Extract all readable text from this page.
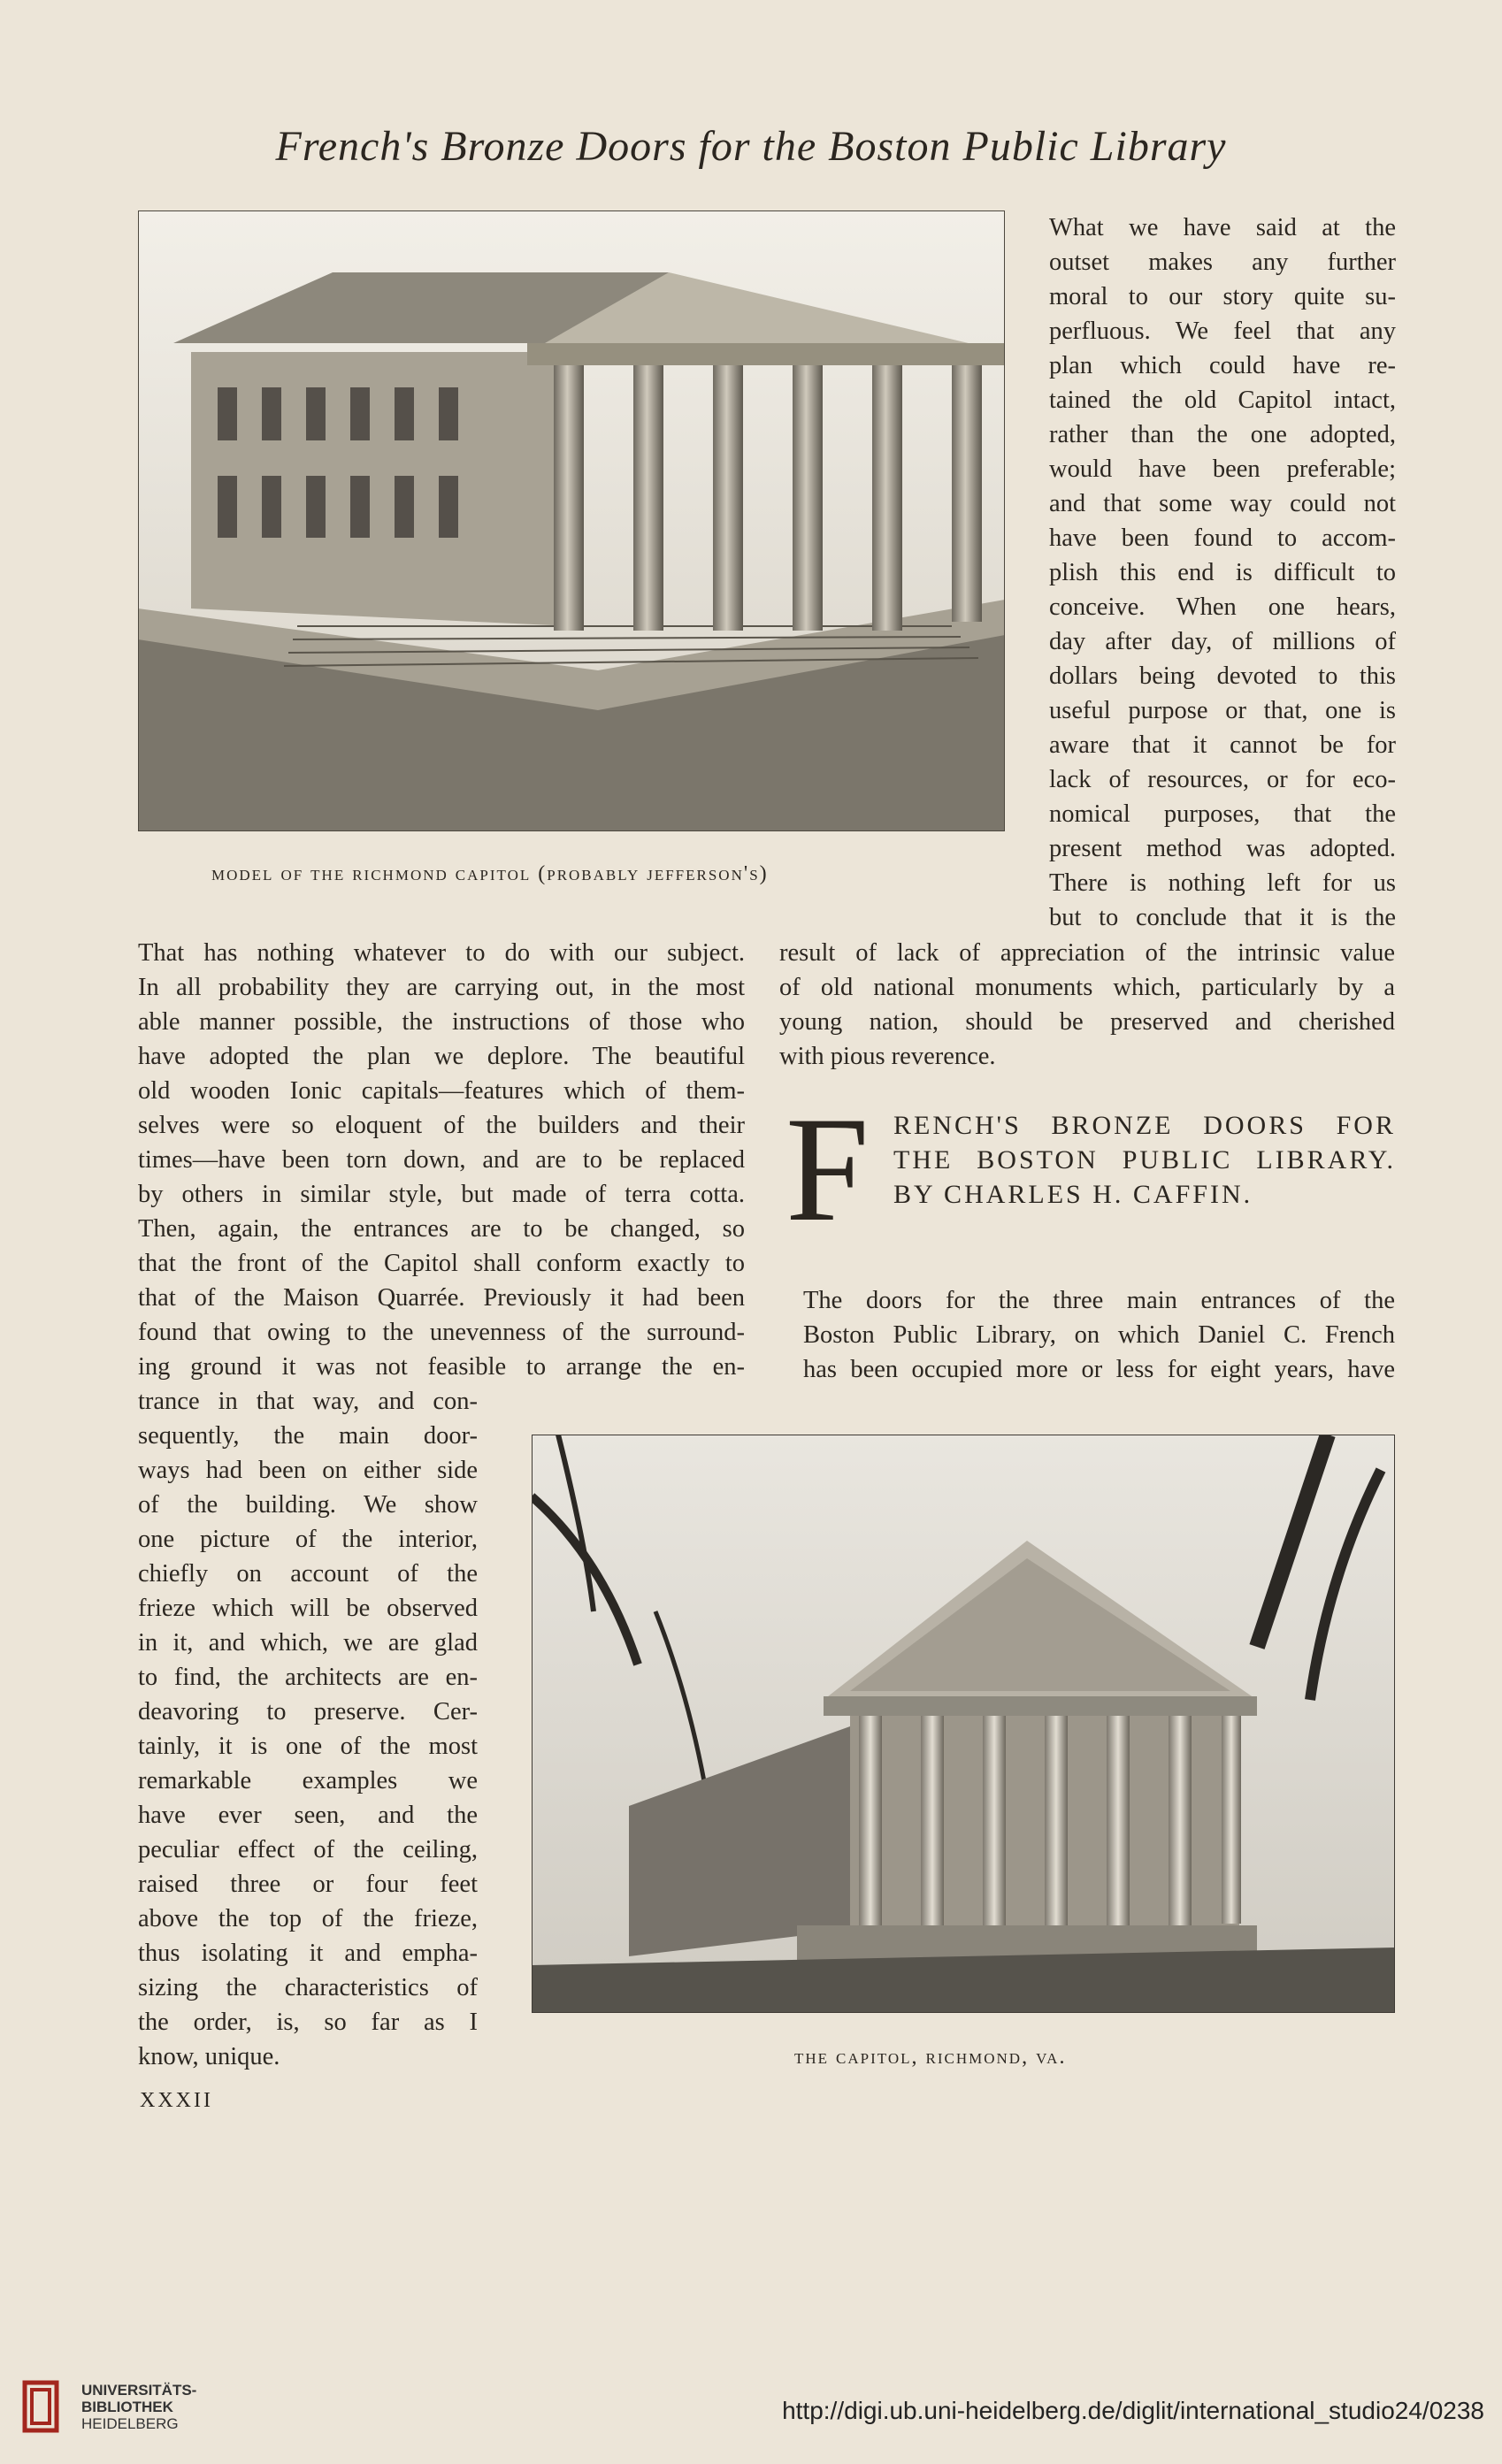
French's Bronze Doors for the Boston Public Library
model of the richmond capitol (probably jefferson's)
What we have said at the
outset makes any further
moral to our story quite su-
perfluous. We feel that any
plan which could have re-
tained the old Capitol intact,
rather than the one adopted,
would have been preferable;
and that some way could not
have been found to accom-
plish this end is difficult to
conceive. When one hears,
day after day, of millions of
dollars being devoted to this
useful purpose or that, one is
aware that it cannot be for
lack of resources, or for eco-
nomical purposes, that the
present method was adopted.
There is nothing left for us
but to conclude that it is the
That has nothing whatever to do with our subject.
In all probability they are carrying out, in the most
able manner possible, the instructions of those who
have adopted the plan we deplore. The beautiful
old wooden Ionic capitals—features which of them-
selves were so eloquent of the builders and their
times—have been torn down, and are to be replaced
by others in similar style, but made of terra cotta.
Then, again, the entrances are to be changed, so
that the front of the Capitol shall conform exactly to
that of the Maison Quarrée. Previously it had been
found that owing to the unevenness of the surround-
ing ground it was not feasible to arrange the en-
trance in that way, and con-
sequently, the main door-
ways had been on either side
of the building. We show
one picture of the interior,
chiefly on account of the
frieze which will be observed
in it, and which, we are glad
to find, the architects are en-
deavoring to preserve. Cer-
tainly, it is one of the most
remarkable examples we
have ever seen, and the
peculiar effect of the ceiling,
raised three or four feet
above the top of the frieze,
thus isolating it and empha-
sizing the characteristics of
the order, is, so far as I
know, unique.
result of lack of appreciation of the intrinsic value
of old national monuments which, particularly by a
young nation, should be preserved and cherished
with pious reverence.
F RENCH'S BRONZE DOORS FOR
THE BOSTON PUBLIC LIBRARY.
BY CHARLES H. CAFFIN.
The doors for the three main entrances of the
Boston Public Library, on which Daniel C. French
has been occupied more or less for eight years, have
the capitol, richmond, va.
XXXII
UNIVERSITÄTS-
BIBLIOTHEK
HEIDELBERG	http://digi.ub.uni-heidelberg.de/diglit/international_studio24/0238
